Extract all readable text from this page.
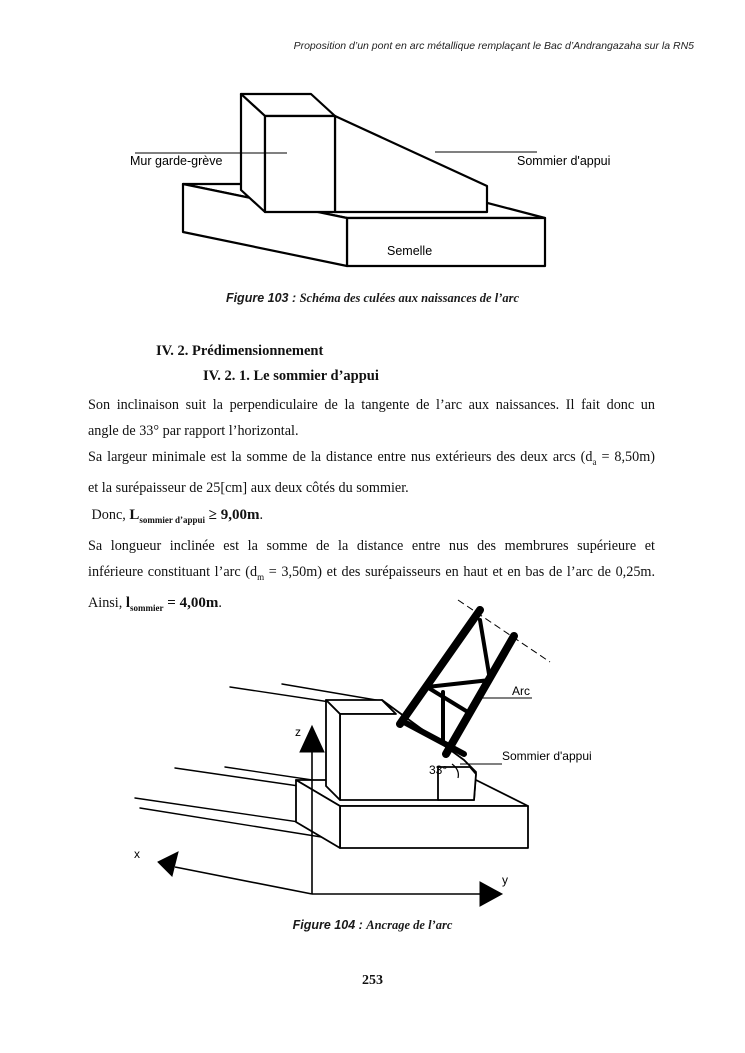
Proposition d’un pont en arc métallique remplaçant le Bac d’Andrangazaha sur la RN5
Mur garde-grève	Sommier d'appui
Semelle
Figure 103 : Schéma des culées aux naissances de l’arc
IV. 2. Prédimensionnement
IV. 2. 1. Le sommier d’appui
Son inclinaison suit la perpendiculaire de la tangente de l’arc aux naissances. Il fait donc un
angle de 33° par rapport l’horizontal.
Sa largeur minimale est la somme de la distance entre nus extérieurs des deux arcs $(d_a = 8,50m)$
et la surépaisseur de 25[cm] aux deux côtés du sommier.
Donc, $L_{sommier d’appui} \ge 9,00m$.
Sa longueur inclinée est la somme de la distance entre nus des membrures supérieure et
inférieure constituant l’arc $(d_m = 3,50m)$ et des surépaisseurs en haut et en bas de l’arc de 0,25m.
Ainsi, $l_{sommier} = 4,00m$.
Arc
Sommier d'appui
33°
z
x
y
Figure 104 : Ancrage de l’arc
253
